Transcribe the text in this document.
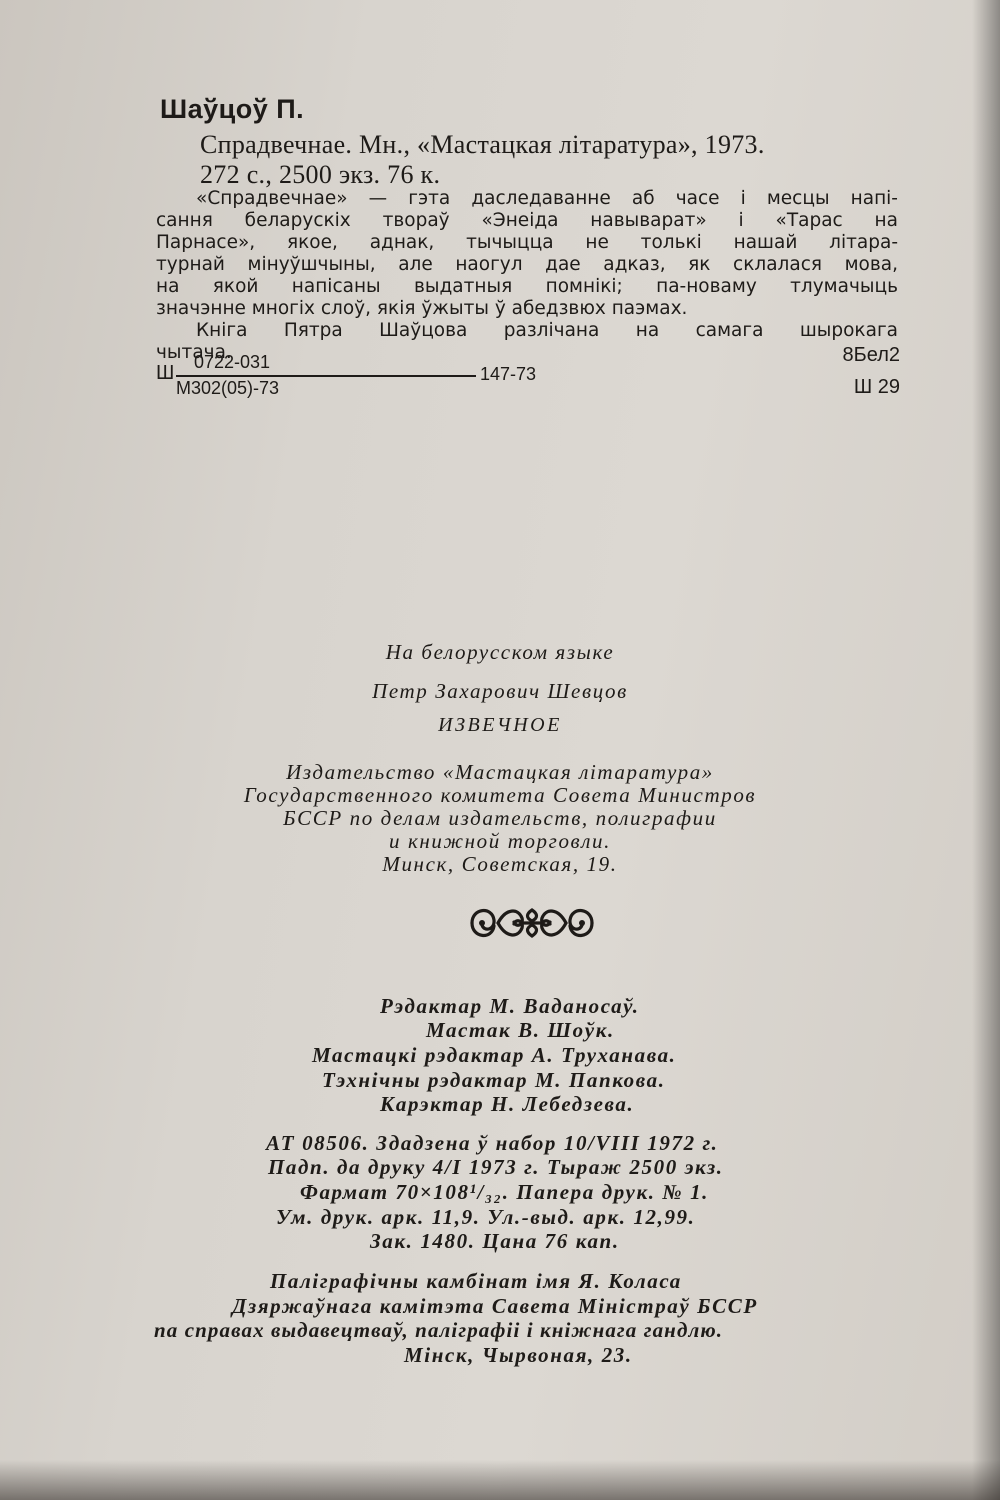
Шаўцоў П.
Спрадвечнае. Мн., «Мастацкая літаратура», 1973.
272 с., 2500 экз. 76 к.
«Спрадвечнае» — гэта даследаванне аб часе і месцы напі-
сання беларускіх твораў «Энеіда навыварат» і «Тарас на
Парнасе», якое, аднак, тычыцца не толькі нашай літара-
турнай мінуўшчыны, але наогул дае адказ, як склалася мова,
на якой напісаны выдатныя помнікі; па-новаму тлумачыць
значэнне многіх слоў, якія ўжыты ў абедзвюх паэмах.
Кніга Пятра Шаўцова разлічана на самага шырокага
чытача.
Ш 0722-031
М302(05)-73
147-73
8Бел2
Ш 29
На белорусском языке
Петр Захарович Шевцов
ИЗВЕЧНОЕ
Издательство «Мастацкая літаратура»
Государственного комитета Совета Министров
БССР по делам издательств, полиграфии
и книжной торговли.
Минск, Советская, 19.
Рэдактар М. Ваданосаў.
Мастак В. Шоўк.
Мастацкі рэдактар А. Труханава.
Тэхнічны рэдактар М. Папкова.
Карэктар Н. Лебедзева.
АТ 08506. Здадзена ў набор 10/VIII 1972 г.
Падп. да друку 4/I 1973 г. Тыраж 2500 экз.
Фармат 70×108¹/₃₂. Папера друк. № 1.
Ум. друк. арк. 11,9. Ул.-выд. арк. 12,99.
Зак. 1480. Цана 76 кап.
Паліграфічны камбінат імя Я. Коласа
Дзяржаўнага камітэта Савета Міністраў БССР
па справах выдавецтваў, паліграфіі і кніжнага гандлю.
Мінск, Чырвоная, 23.
